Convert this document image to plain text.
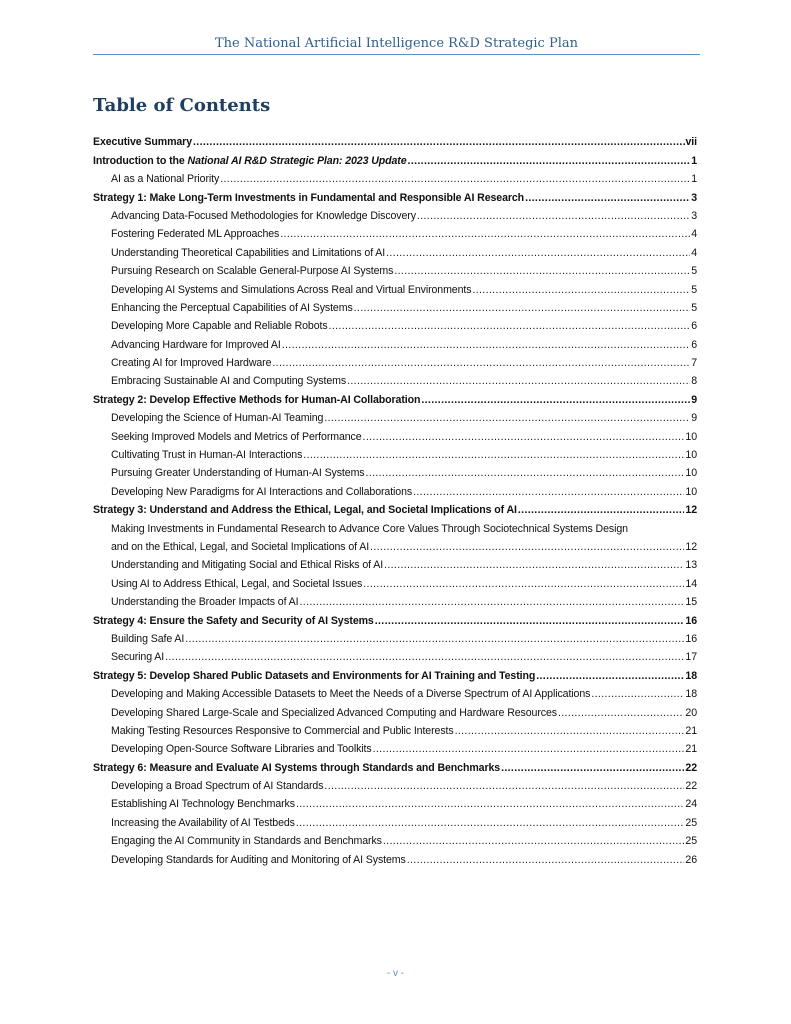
The National Artificial Intelligence R&D Strategic Plan
Table of Contents
Executive Summary . . .	vii
Introduction to the National AI R&D Strategic Plan: 2023 Update . . .	1
AI as a National Priority . . .	1
Strategy 1: Make Long-Term Investments in Fundamental and Responsible AI Research . . .	3
Advancing Data-Focused Methodologies for Knowledge Discovery . . .	3
Fostering Federated ML Approaches . . .	4
Understanding Theoretical Capabilities and Limitations of AI . . .	4
Pursuing Research on Scalable General-Purpose AI Systems . . .	5
Developing AI Systems and Simulations Across Real and Virtual Environments . . .	5
Enhancing the Perceptual Capabilities of AI Systems . . .	5
Developing More Capable and Reliable Robots . . .	6
Advancing Hardware for Improved AI . . .	6
Creating AI for Improved Hardware . . .	7
Embracing Sustainable AI and Computing Systems . . .	8
Strategy 2: Develop Effective Methods for Human-AI Collaboration . . .	9
Developing the Science of Human-AI Teaming . . .	9
Seeking Improved Models and Metrics of Performance . . .	10
Cultivating Trust in Human-AI Interactions . . .	10
Pursuing Greater Understanding of Human-AI Systems . . .	10
Developing New Paradigms for AI Interactions and Collaborations . . .	10
Strategy 3: Understand and Address the Ethical, Legal, and Societal Implications of AI . . .	12
Making Investments in Fundamental Research to Advance Core Values Through Sociotechnical Systems Design
and on the Ethical, Legal, and Societal Implications of AI . . .	12
Understanding and Mitigating Social and Ethical Risks of AI . . .	13
Using AI to Address Ethical, Legal, and Societal Issues . . .	14
Understanding the Broader Impacts of AI . . .	15
Strategy 4: Ensure the Safety and Security of AI Systems . . .	16
Building Safe AI . . .	16
Securing AI . . .	17
Strategy 5: Develop Shared Public Datasets and Environments for AI Training and Testing . . .	18
Developing and Making Accessible Datasets to Meet the Needs of a Diverse Spectrum of AI Applications . . .	18
Developing Shared Large-Scale and Specialized Advanced Computing and Hardware Resources . . .	20
Making Testing Resources Responsive to Commercial and Public Interests . . .	21
Developing Open-Source Software Libraries and Toolkits . . .	21
Strategy 6: Measure and Evaluate AI Systems through Standards and Benchmarks . . .	22
Developing a Broad Spectrum of AI Standards . . .	22
Establishing AI Technology Benchmarks . . .	24
Increasing the Availability of AI Testbeds . . .	25
Engaging the AI Community in Standards and Benchmarks . . .	25
Developing Standards for Auditing and Monitoring of AI Systems . . .	26
- v -
